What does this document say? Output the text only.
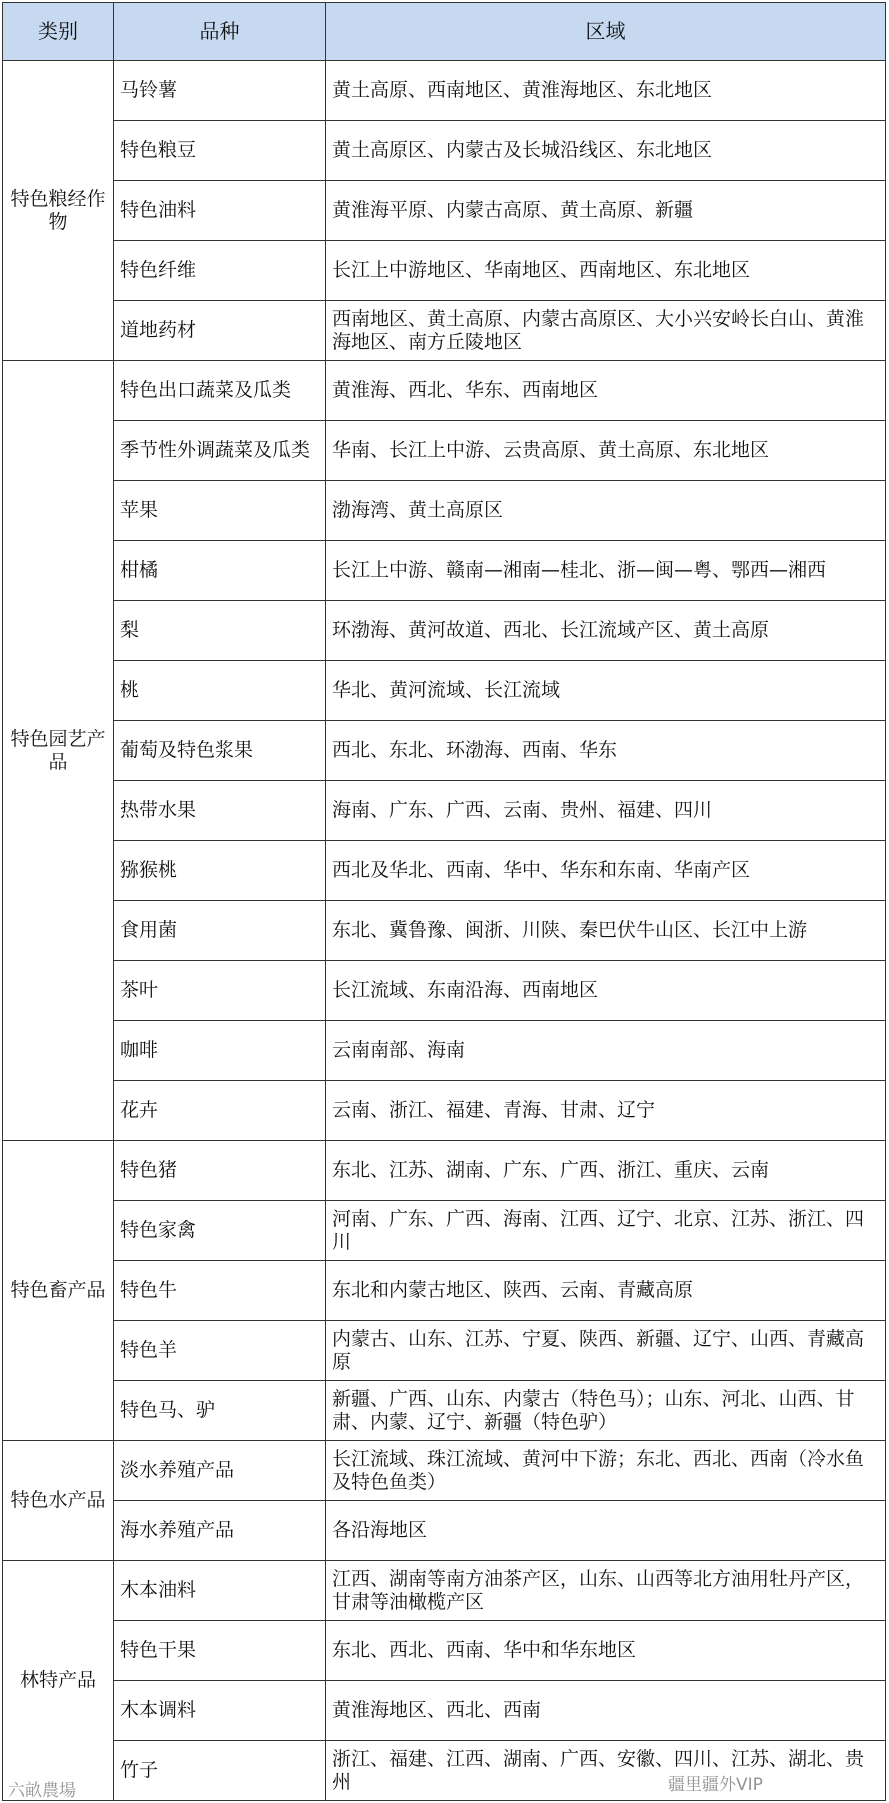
类别	品种	区域
特色粮经作物	马铃薯	黄土高原、西南地区、黄淮海地区、东北地区
	特色粮豆	黄土高原区、内蒙古及长城沿线区、东北地区
	特色油料	黄淮海平原、内蒙古高原、黄土高原、新疆
	特色纤维	长江上中游地区、华南地区、西南地区、东北地区
	道地药材	西南地区、黄土高原、内蒙古高原区、大小兴安岭长白山、黄淮海地区、南方丘陵地区
特色园艺产品	特色出口蔬菜及瓜类	黄淮海、西北、华东、西南地区
	季节性外调蔬菜及瓜类	华南、长江上中游、云贵高原、黄土高原、东北地区
	苹果	渤海湾、黄土高原区
	柑橘	长江上中游、赣南—湘南—桂北、浙—闽—粤、鄂西—湘西
	梨	环渤海、黄河故道、西北、长江流域产区、黄土高原
	桃	华北、黄河流域、长江流域
	葡萄及特色浆果	西北、东北、环渤海、西南、华东
	热带水果	海南、广东、广西、云南、贵州、福建、四川
	猕猴桃	西北及华北、西南、华中、华东和东南、华南产区
	食用菌	东北、冀鲁豫、闽浙、川陕、秦巴伏牛山区、长江中上游
	茶叶	长江流域、东南沿海、西南地区
	咖啡	云南南部、海南
	花卉	云南、浙江、福建、青海、甘肃、辽宁
特色畜产品	特色猪	东北、江苏、湖南、广东、广西、浙江、重庆、云南
	特色家禽	河南、广东、广西、海南、江西、辽宁、北京、江苏、浙江、四川
	特色牛	东北和内蒙古地区、陕西、云南、青藏高原
	特色羊	内蒙古、山东、江苏、宁夏、陕西、新疆、辽宁、山西、青藏高原
	特色马、驴	新疆、广西、山东、内蒙古（特色马）；山东、河北、山西、甘肃、内蒙、辽宁、新疆（特色驴）
特色水产品	淡水养殖产品	长江流域、珠江流域、黄河中下游；东北、西北、西南（冷水鱼及特色鱼类）
	海水养殖产品	各沿海地区
林特产品	木本油料	江西、湖南等南方油茶产区，山东、山西等北方油用牡丹产区，甘肃等油橄榄产区
	特色干果	东北、西北、西南、华中和华东地区
	木本调料	黄淮海地区、西北、西南
	竹子	浙江、福建、江西、湖南、广西、安徽、四川、江苏、湖北、贵州
六畝農場	疆里疆外VIP
